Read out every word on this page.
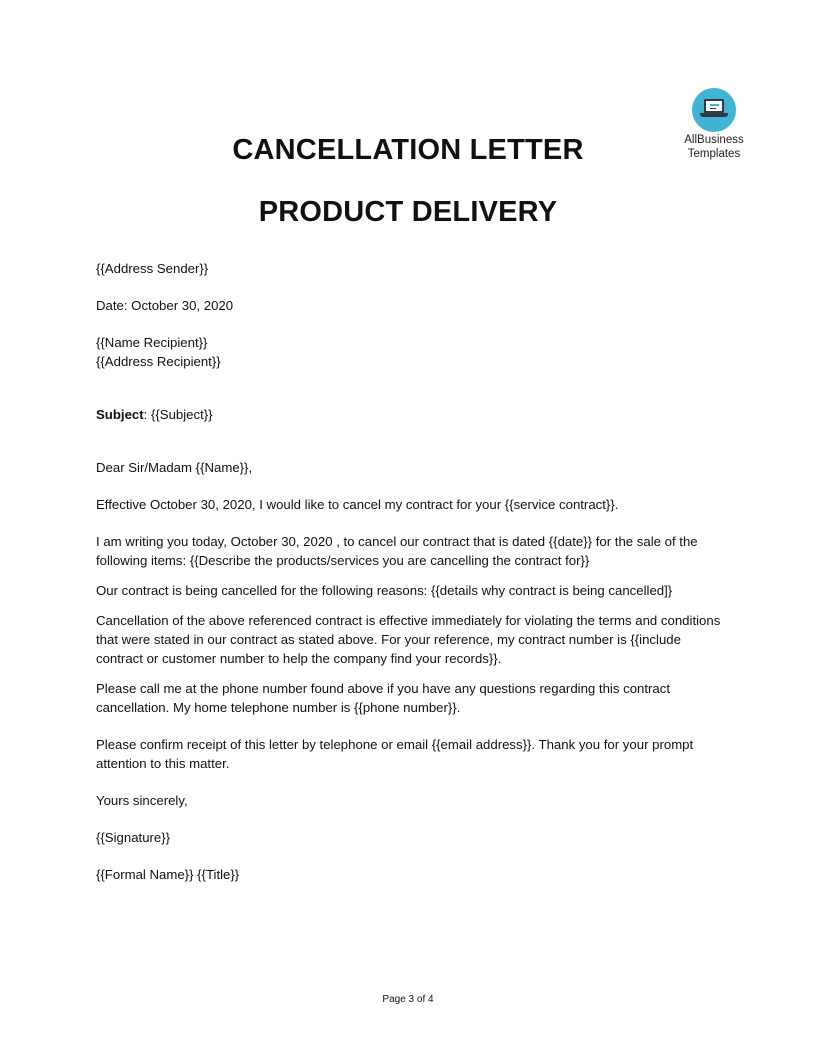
AllBusiness
Templates
CANCELLATION LETTER
PRODUCT DELIVERY

{{Address Sender}}

Date: October 30, 2020

{{Name Recipient}}

{{Address Recipient}}

Subject: {{Subject}}

Dear Sir/Madam {{Name}},

Effective October 30, 2020, I would like to cancel my contract for your {{service contract}}.

I am writing you today, October 30, 2020 , to cancel our contract that is dated {{date}} for the sale of the following items: {{Describe the products/services you are cancelling the contract for}}

Our contract is being cancelled for the following reasons: {{details why contract is being cancelled]}

Cancellation of the above referenced contract is effective immediately for violating the terms and conditions that were stated in our contract as stated above. For your reference, my contract number is {{include contract or customer number to help the company find your records}}.

Please call me at the phone number found above if you have any questions regarding this contract cancellation. My home telephone number is {{phone number}}.

Please confirm receipt of this letter by telephone or email {{email address}}. Thank you for your prompt attention to this matter.

Yours sincerely,

{{Signature}}

{{Formal Name}} {{Title}}

Page 3 of 4
